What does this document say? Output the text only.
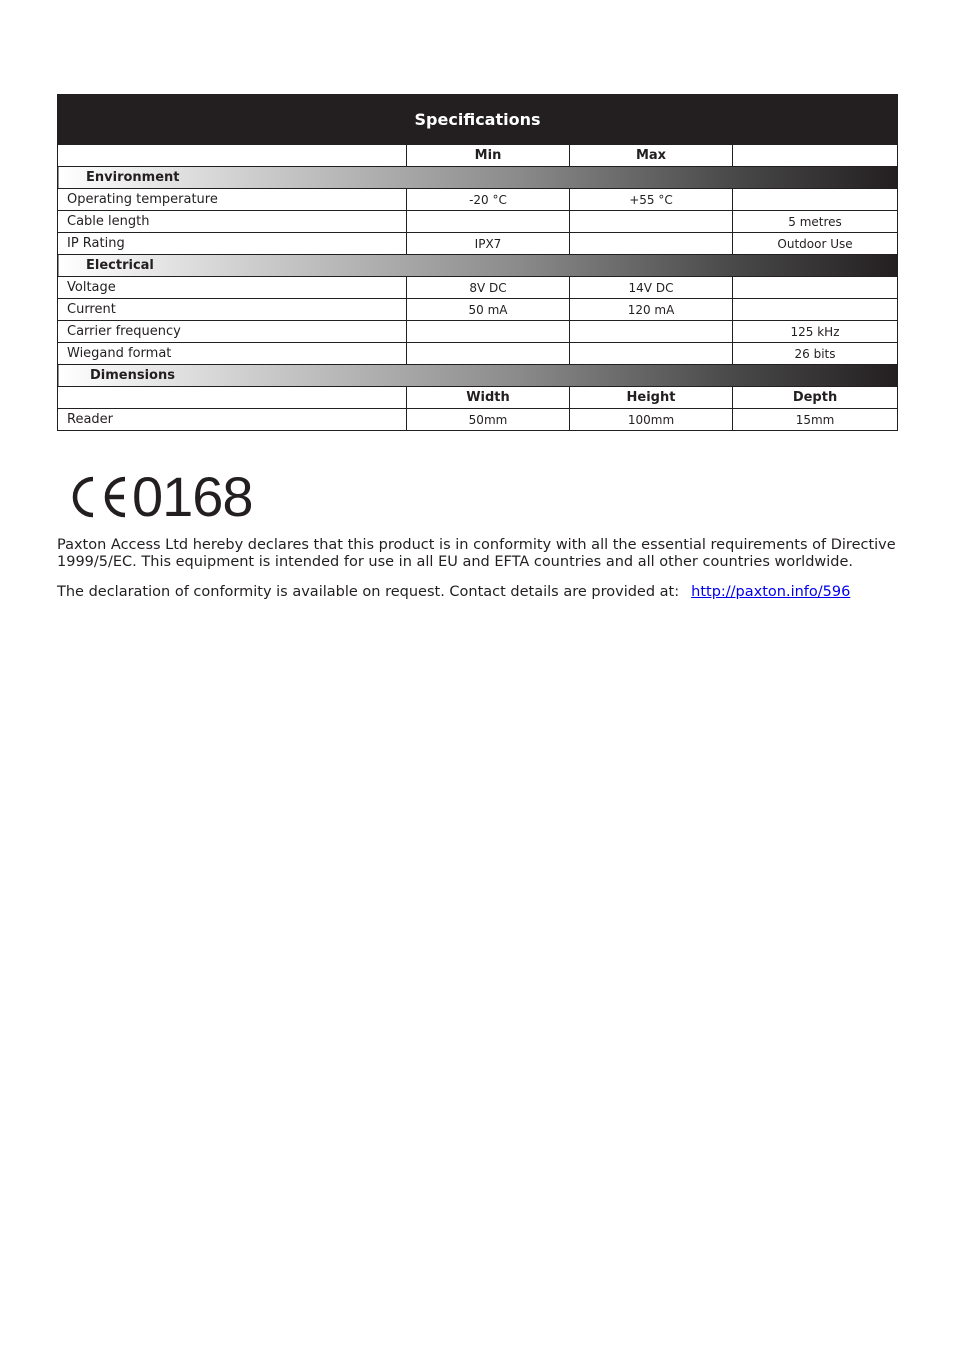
Specifications			
	Min	Max	
Environment			
Operating temperature	-20 °C	+55 °C	
Cable length			5 metres
IP Rating	IPX7		Outdoor Use
Electrical			
Voltage	8V DC	14V DC	
Current	50 mA	120 mA	
Carrier frequency			125 kHz
Wiegand format			26 bits
Dimensions			
	Width	Height	Depth
Reader	50mm	100mm	15mm
0168
Paxton Access Ltd hereby declares that this product is in conformity with all the essential requirements of Directive 1999/5/EC. This equipment is intended for use in all EU and EFTA countries and all other countries worldwide.
The declaration of conformity is available on request. Contact details are provided at: http://paxton.info/596
